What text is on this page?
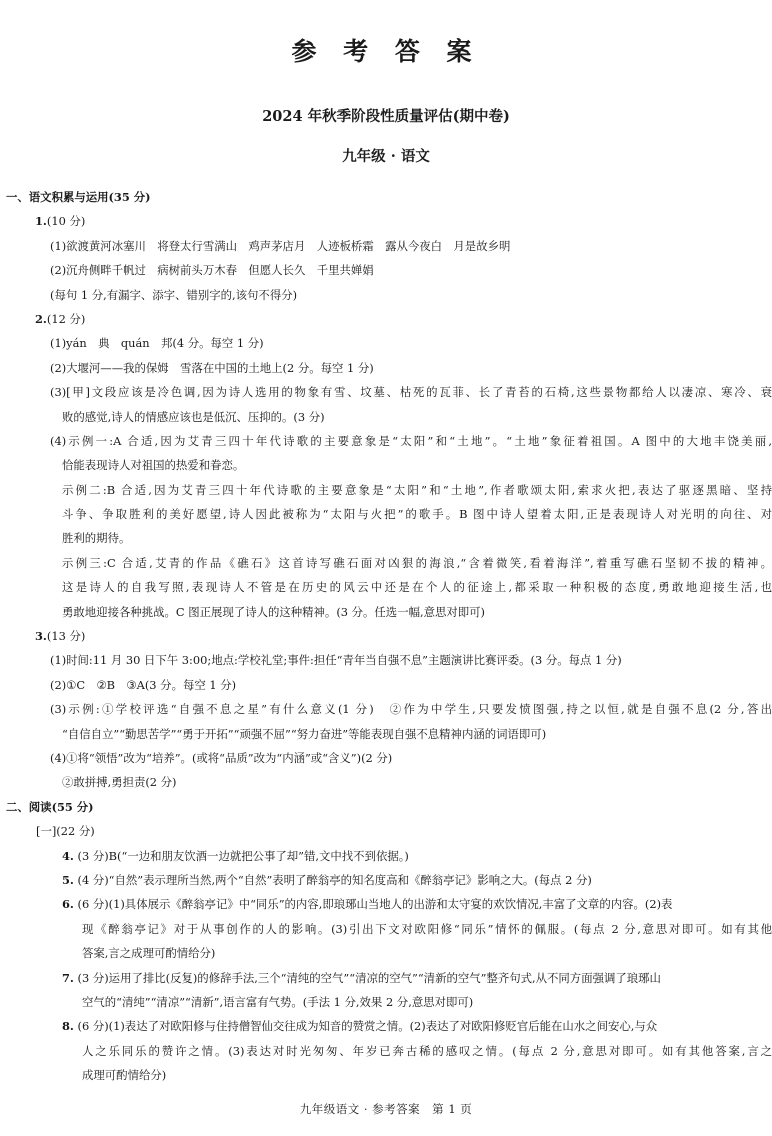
参 考 答 案
2024 年秋季阶段性质量评估(期中卷)
九年级 · 语文
一、语文积累与运用(35 分)
1.(10 分)
(1)欲渡黄河冰塞川　将登太行雪满山　鸡声茅店月　人迹板桥霜　露从今夜白　月是故乡明
(2)沉舟侧畔千帆过　病树前头万木春　但愿人长久　千里共婵娟
(每句 1 分,有漏字、添字、错别字的,该句不得分)
2.(12 分)
(1)yán　典　quán　邦(4 分。每空 1 分)
(2)大堰河——我的保姆　雪落在中国的土地上(2 分。每空 1 分)
(3)[甲]文段应该是冷色调,因为诗人选用的物象有雪、坟墓、枯死的瓦菲、长了青苔的石椅,这些景物都给人以凄凉、寒冷、衰
败的感觉,诗人的情感应该也是低沉、压抑的。(3 分)
(4)示例一:A 合适,因为艾青三四十年代诗歌的主要意象是“太阳”和“土地”。“土地”象征着祖国。A 图中的大地丰饶美丽,
恰能表现诗人对祖国的热爱和眷恋。
示例二:B 合适,因为艾青三四十年代诗歌的主要意象是“太阳”和“土地”,作者歌颂太阳,索求火把,表达了驱逐黑暗、坚持
斗争、争取胜利的美好愿望,诗人因此被称为“太阳与火把”的歌手。B 图中诗人望着太阳,正是表现诗人对光明的向往、对
胜利的期待。
示例三:C 合适,艾青的作品《礁石》这首诗写礁石面对凶狠的海浪,“含着微笑,看着海洋”,着重写礁石坚韧不拔的精神。
这是诗人的自我写照,表现诗人不管是在历史的风云中还是在个人的征途上,都采取一种积极的态度,勇敢地迎接生活,也
勇敢地迎接各种挑战。C 图正展现了诗人的这种精神。(3 分。任选一幅,意思对即可)
3.(13 分)
(1)时间:11 月 30 日下午 3:00;地点:学校礼堂;事件:担任“青年当自强不息”主题演讲比赛评委。(3 分。每点 1 分)
(2)①C　②B　③A(3 分。每空 1 分)
(3)示例:①学校评选“自强不息之星”有什么意义(1 分)　②作为中学生,只要发愤图强,持之以恒,就是自强不息(2 分,答出
“自信自立”“勤思苦学”“勇于开拓”“顽强不屈”“努力奋进”等能表现自强不息精神内涵的词语即可)
(4)①将“领悟”改为“培养”。(或将“品质”改为“内涵”或“含义”)(2 分)
②敢拼搏,勇担责(2 分)
二、阅读(55 分)
[一](22 分)
4. (3 分)B(“一边和朋友饮酒一边就把公事了却”错,文中找不到依据。)
5. (4 分)“自然”表示理所当然,两个“自然”表明了醉翁亭的知名度高和《醉翁亭记》影响之大。(每点 2 分)
6. (6 分)(1)具体展示《醉翁亭记》中“同乐”的内容,即琅琊山当地人的出游和太守宴的欢饮情况,丰富了文章的内容。(2)表
现《醉翁亭记》对于从事创作的人的影响。(3)引出下文对欧阳修“同乐”情怀的佩服。(每点 2 分,意思对即可。如有其他
答案,言之成理可酌情给分)
7. (3 分)运用了排比(反复)的修辞手法,三个“清纯的空气”“清凉的空气”“清新的空气”整齐句式,从不同方面强调了琅琊山
空气的“清纯”“清凉”“清新”,语言富有气势。(手法 1 分,效果 2 分,意思对即可)
8. (6 分)(1)表达了对欧阳修与住持僧智仙交往成为知音的赞赏之情。(2)表达了对欧阳修贬官后能在山水之间安心,与众
人之乐同乐的赞许之情。(3)表达对时光匆匆、年岁已奔古稀的感叹之情。(每点 2 分,意思对即可。如有其他答案,言之
成理可酌情给分)
九年级语文 · 参考答案　第 1 页
